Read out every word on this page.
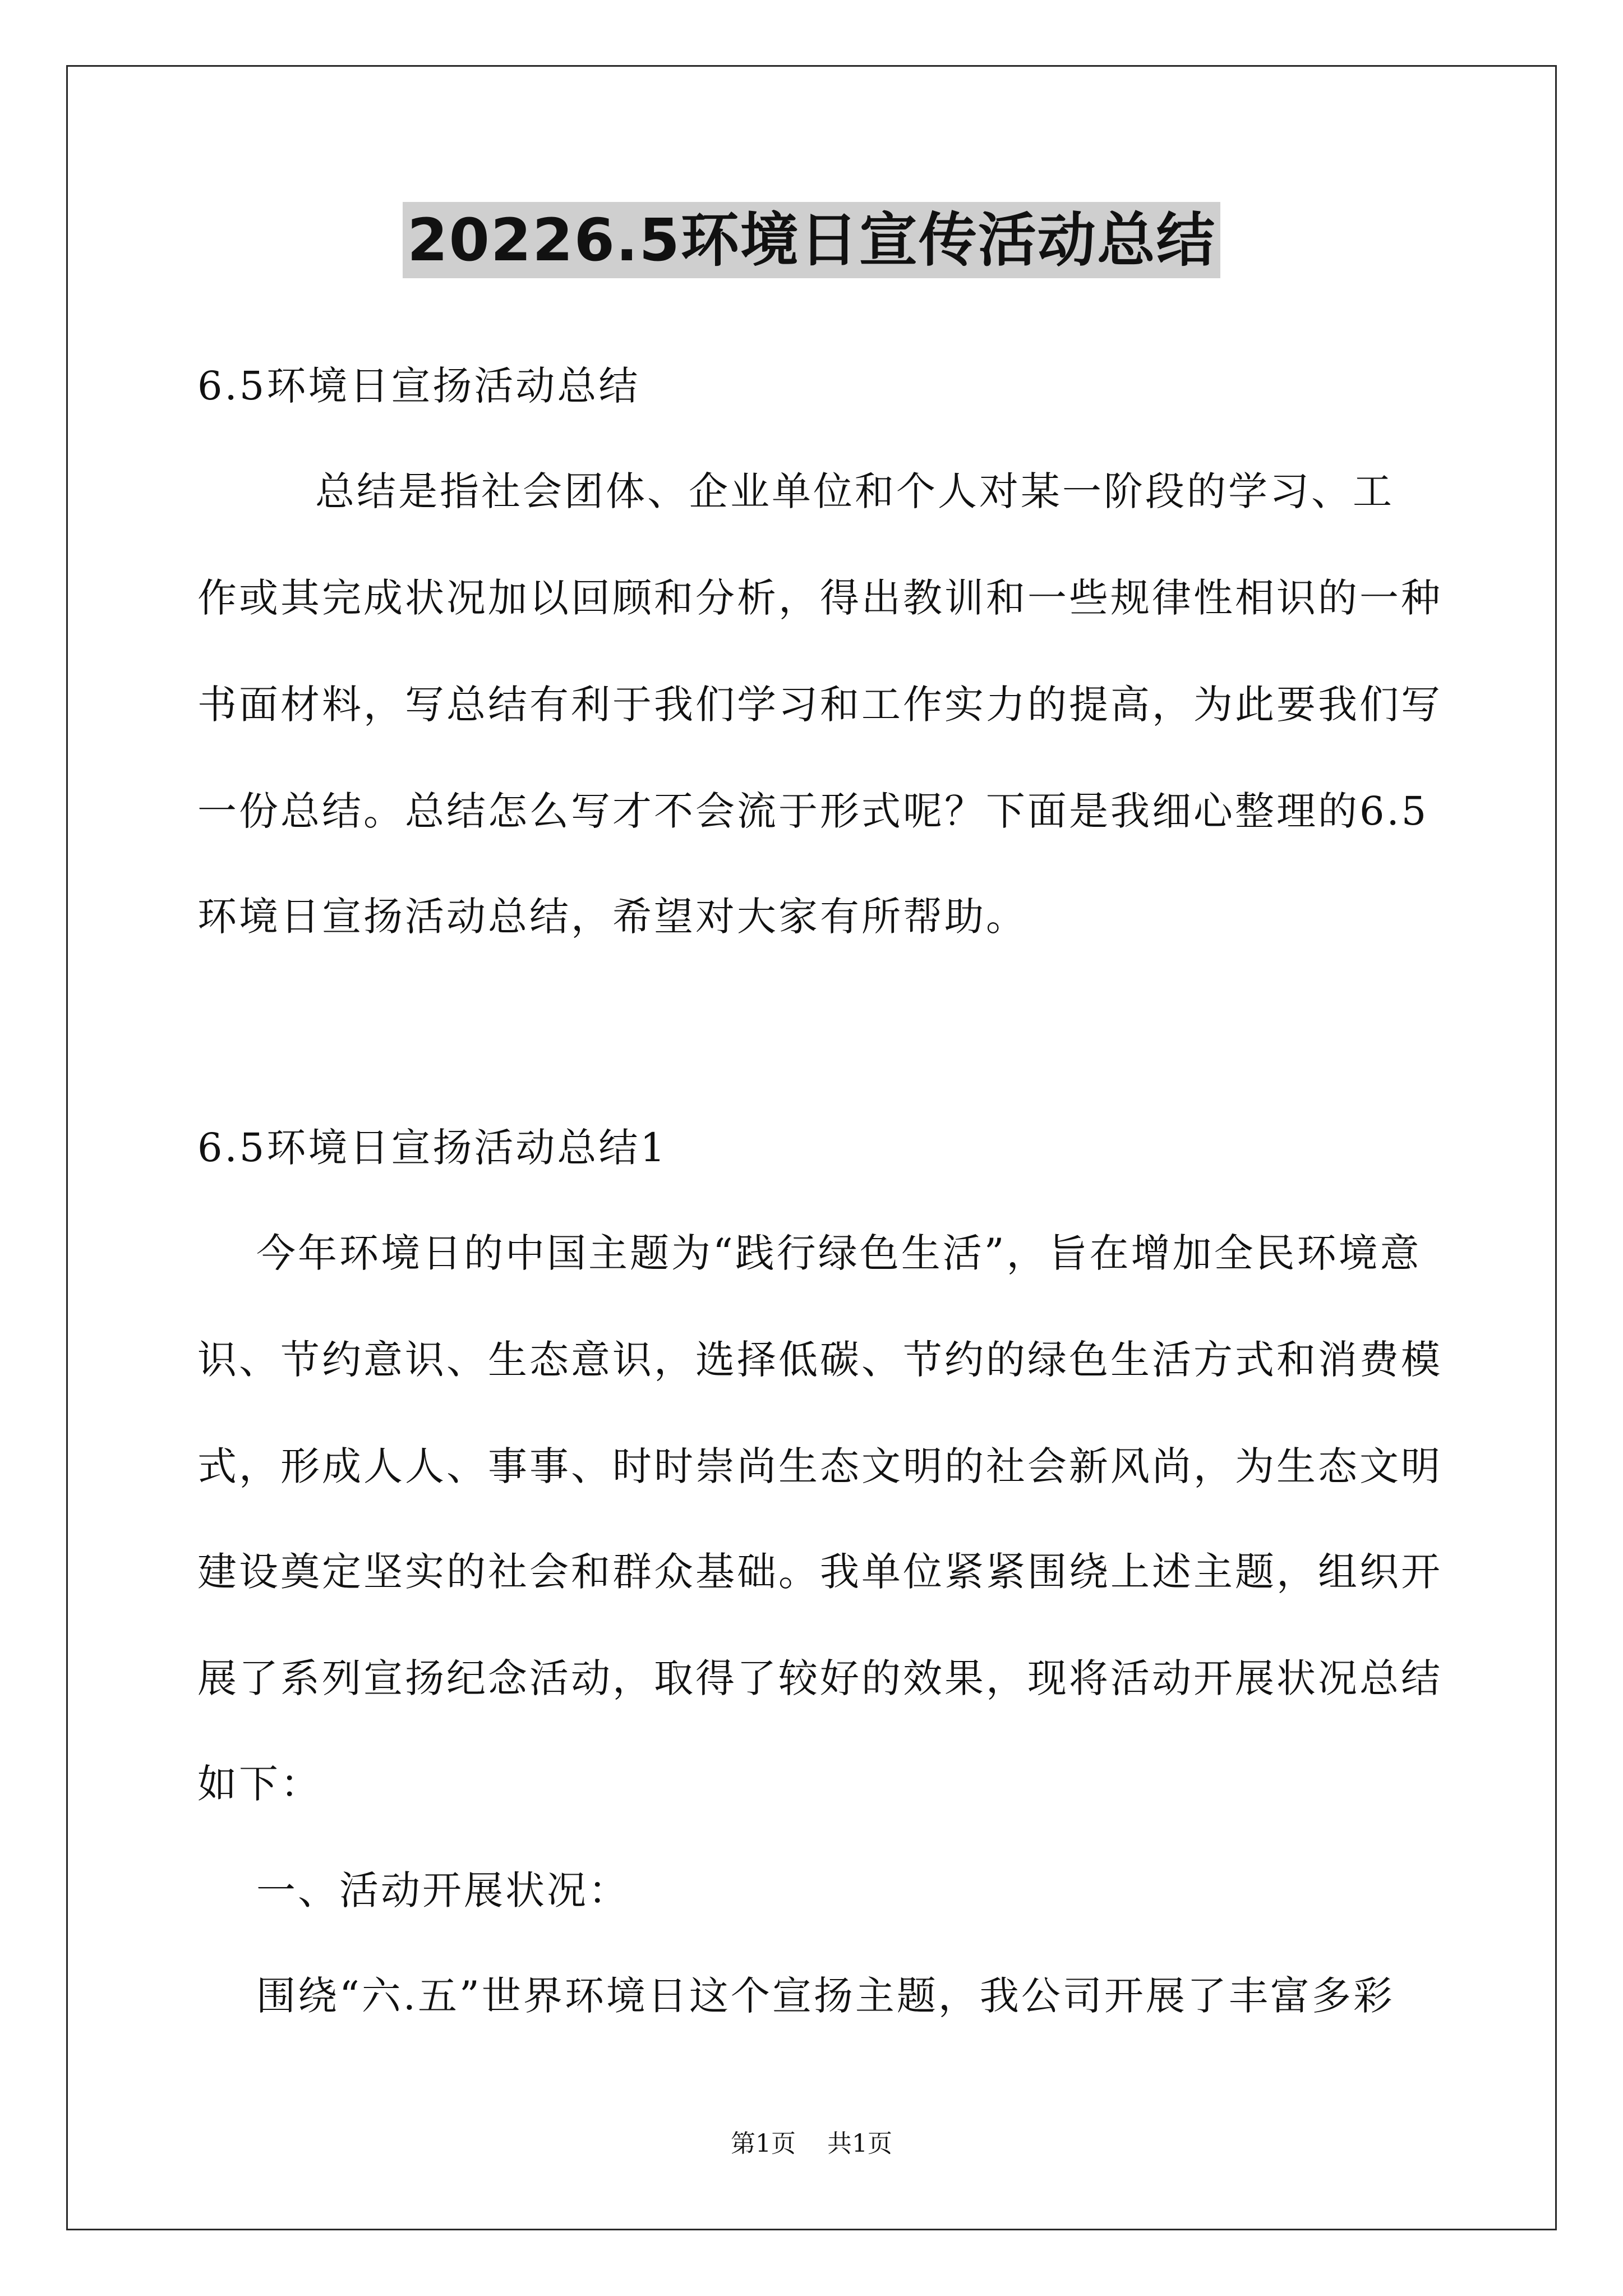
20226.5环境日宣传活动总结
6.5环境日宣扬活动总结
总结是指社会团体、企业单位和个人对某一阶段的学习、工
作或其完成状况加以回顾和分析，得出教训和一些规律性相识的一种
书面材料，写总结有利于我们学习和工作实力的提高，为此要我们写
一份总结。总结怎么写才不会流于形式呢？下面是我细心整理的6.5
环境日宣扬活动总结，希望对大家有所帮助。
6.5环境日宣扬活动总结1
今年环境日的中国主题为“践行绿色生活”，旨在增加全民环境意
识、节约意识、生态意识，选择低碳、节约的绿色生活方式和消费模
式，形成人人、事事、时时崇尚生态文明的社会新风尚，为生态文明
建设奠定坚实的社会和群众基础。我单位紧紧围绕上述主题，组织开
展了系列宣扬纪念活动，取得了较好的效果，现将活动开展状况总结
如下：
一、活动开展状况：
围绕“六.五”世界环境日这个宣扬主题，我公司开展了丰富多彩
第1页    共1页
